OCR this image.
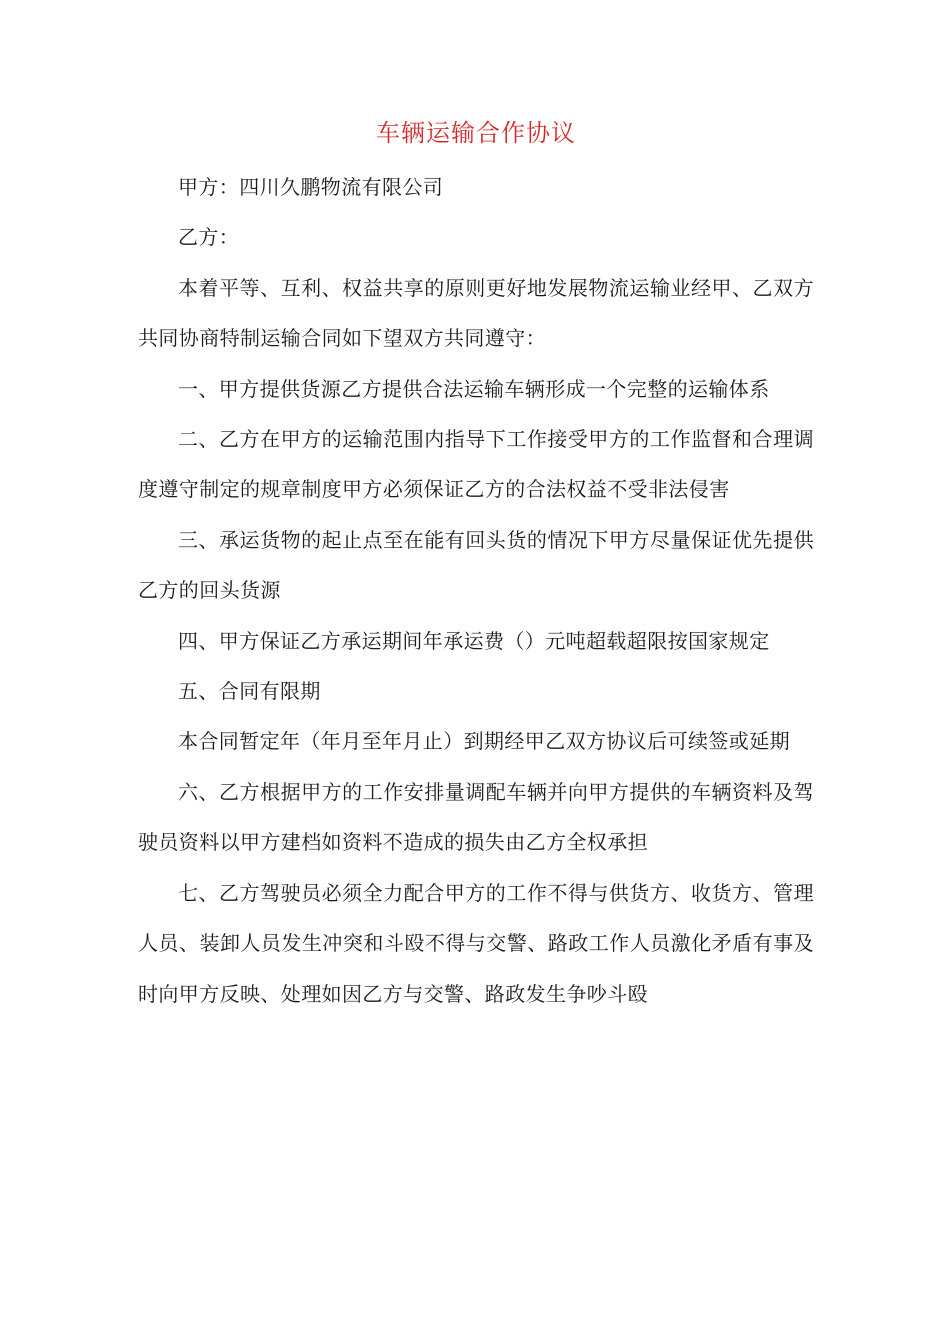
车辆运输合作协议

甲方：四川久鹏物流有限公司

乙方：

本着平等、互利、权益共享的原则更好地发展物流运输业经甲、乙双方共同协商特制运输合同如下望双方共同遵守：

一、甲方提供货源乙方提供合法运输车辆形成一个完整的运输体系

二、乙方在甲方的运输范围内指导下工作接受甲方的工作监督和合理调度遵守制定的规章制度甲方必须保证乙方的合法权益不受非法侵害

三、承运货物的起止点至在能有回头货的情况下甲方尽量保证优先提供乙方的回头货源

四、甲方保证乙方承运期间年承运费（）元吨超载超限按国家规定

五、合同有限期

本合同暂定年（年月至年月止）到期经甲乙双方协议后可续签或延期

六、乙方根据甲方的工作安排量调配车辆并向甲方提供的车辆资料及驾驶员资料以甲方建档如资料不造成的损失由乙方全权承担

七、乙方驾驶员必须全力配合甲方的工作不得与供货方、收货方、管理人员、装卸人员发生冲突和斗殴不得与交警、路政工作人员激化矛盾有事及时向甲方反映、处理如因乙方与交警、路政发生争吵斗殴
